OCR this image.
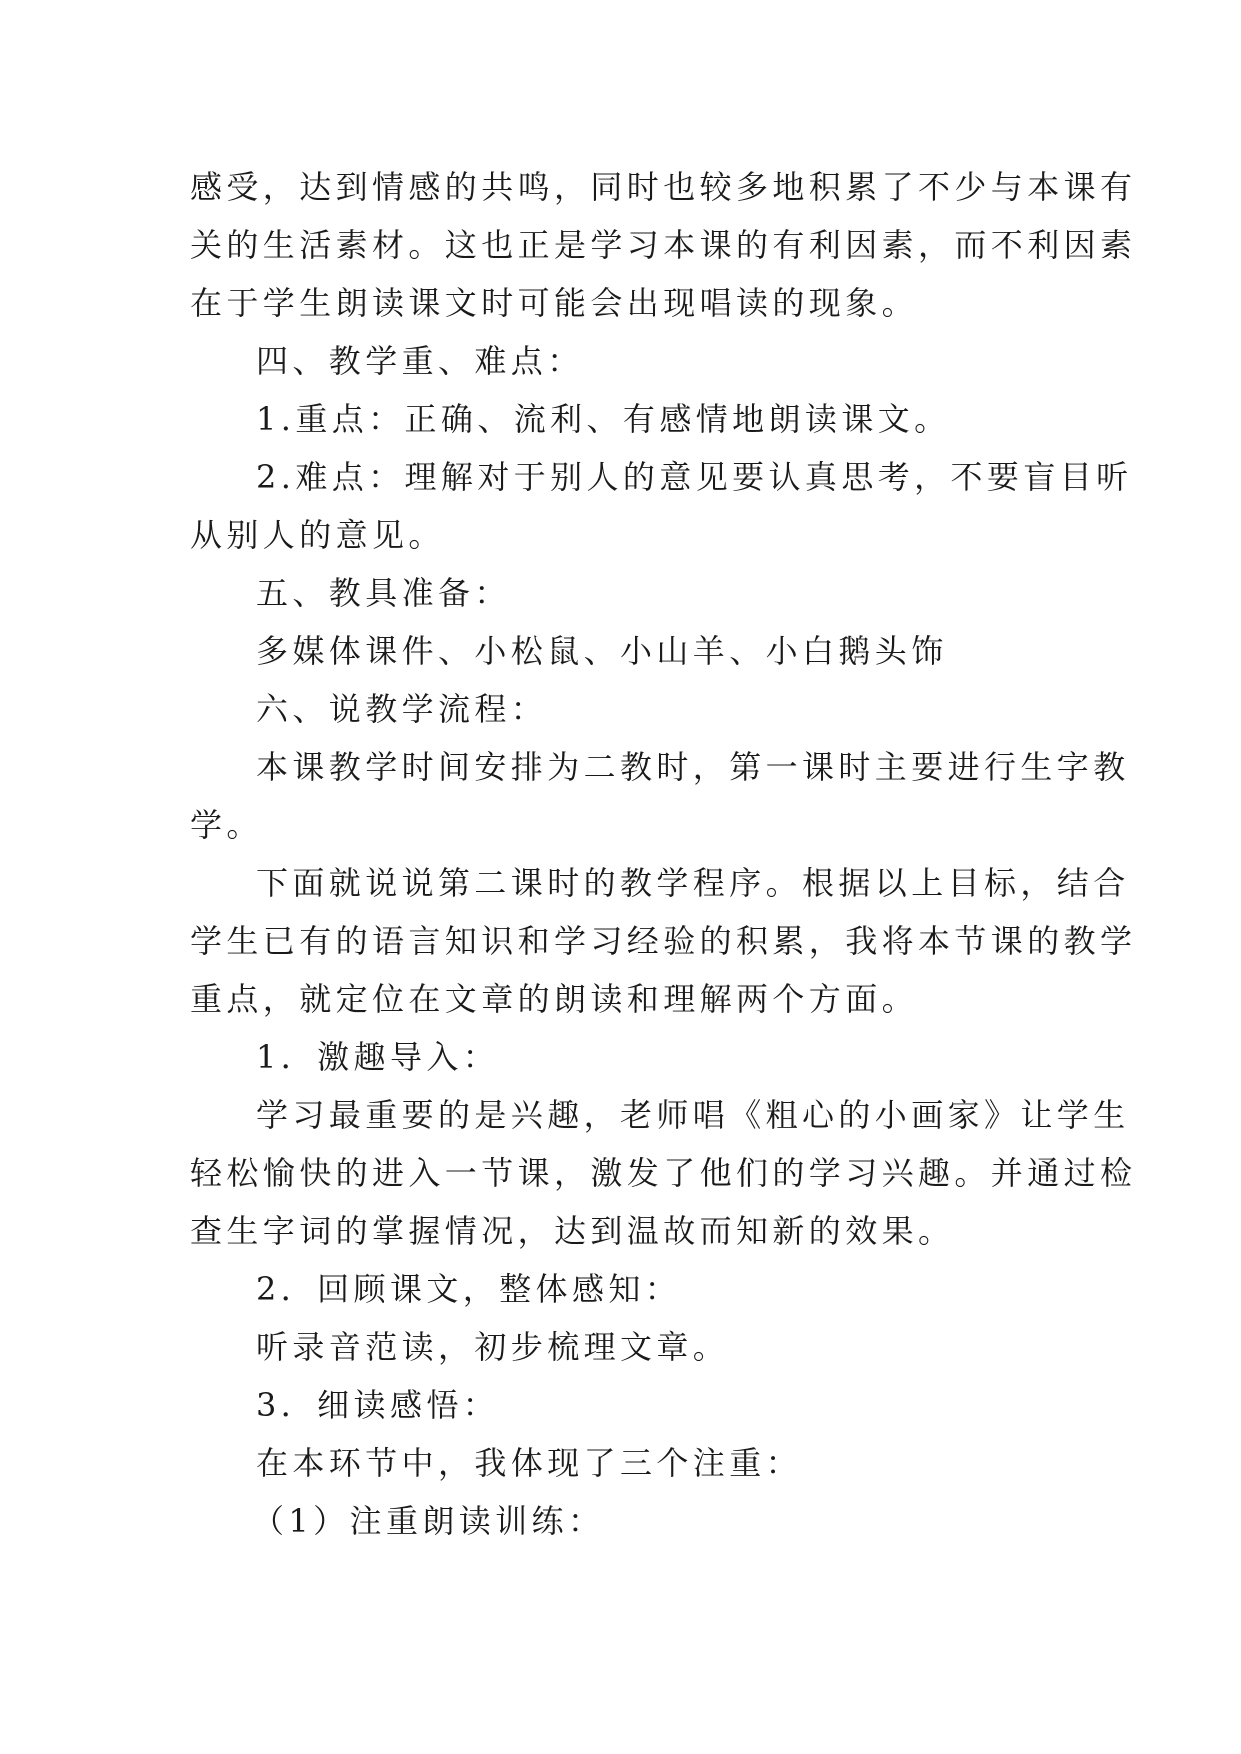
感受，达到情感的共鸣，同时也较多地积累了不少与本课有
关的生活素材。这也正是学习本课的有利因素，而不利因素
在于学生朗读课文时可能会出现唱读的现象。
四、教学重、难点：
1.重点：正确、流利、有感情地朗读课文。
2.难点：理解对于别人的意见要认真思考，不要盲目听
从别人的意见。
五、教具准备：
多媒体课件、小松鼠、小山羊、小白鹅头饰
六、说教学流程：
本课教学时间安排为二教时，第一课时主要进行生字教
学。
下面就说说第二课时的教学程序。根据以上目标，结合
学生已有的语言知识和学习经验的积累，我将本节课的教学
重点，就定位在文章的朗读和理解两个方面。
1．激趣导入：
学习最重要的是兴趣，老师唱《粗心的小画家》让学生
轻松愉快的进入一节课，激发了他们的学习兴趣。并通过检
查生字词的掌握情况，达到温故而知新的效果。
2．回顾课文，整体感知：
听录音范读，初步梳理文章。
3．细读感悟：
在本环节中，我体现了三个注重：
（1）注重朗读训练：
